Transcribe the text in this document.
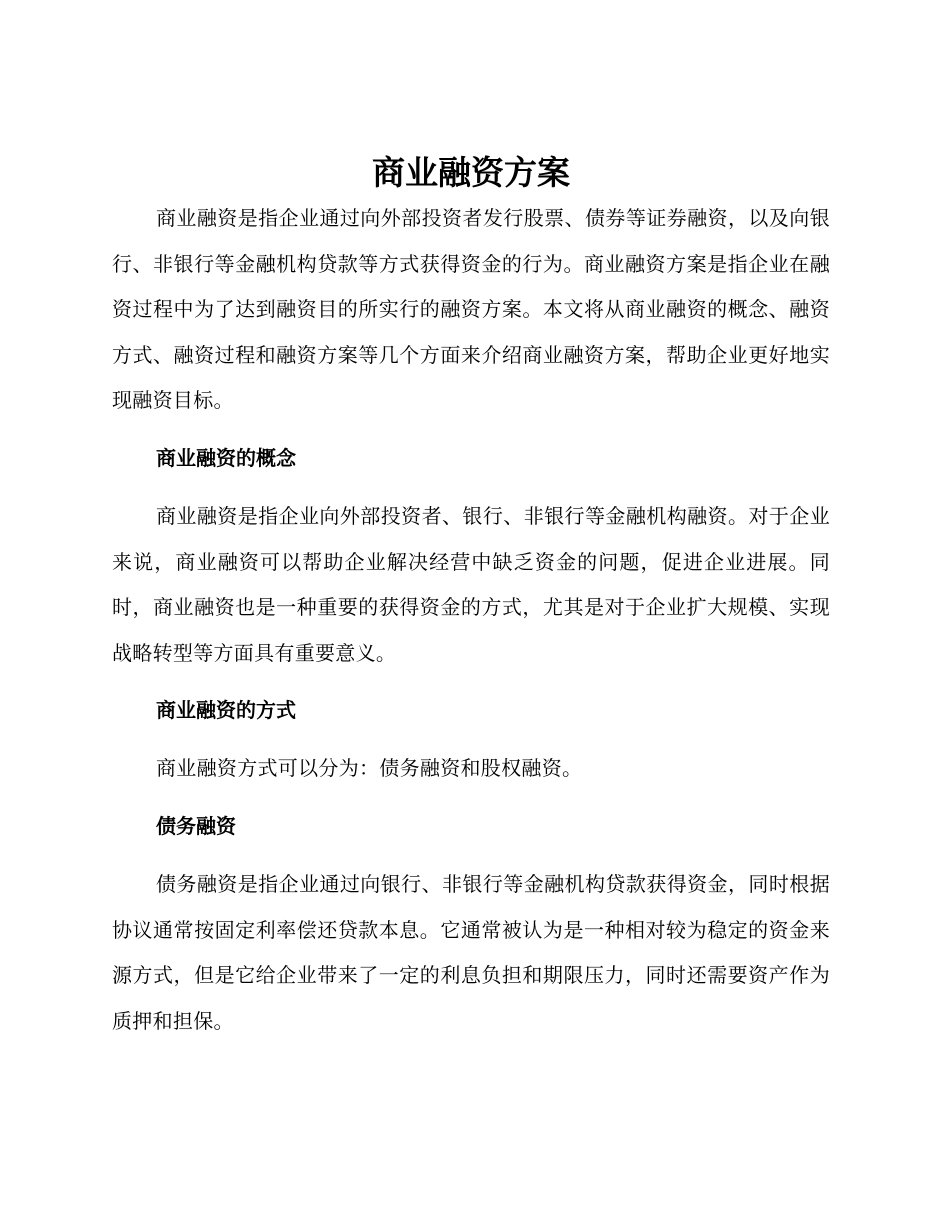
商业融资方案

商业融资是指企业通过向外部投资者发行股票、债券等证券融资，以及向银行、非银行等金融机构贷款等方式获得资金的行为。商业融资方案是指企业在融资过程中为了达到融资目的所实行的融资方案。本文将从商业融资的概念、融资方式、融资过程和融资方案等几个方面来介绍商业融资方案，帮助企业更好地实现融资目标。

商业融资的概念

商业融资是指企业向外部投资者、银行、非银行等金融机构融资。对于企业来说，商业融资可以帮助企业解决经营中缺乏资金的问题，促进企业进展。同时，商业融资也是一种重要的获得资金的方式，尤其是对于企业扩大规模、实现战略转型等方面具有重要意义。

商业融资的方式

商业融资方式可以分为：债务融资和股权融资。

债务融资

债务融资是指企业通过向银行、非银行等金融机构贷款获得资金，同时根据协议通常按固定利率偿还贷款本息。它通常被认为是一种相对较为稳定的资金来源方式，但是它给企业带来了一定的利息负担和期限压力，同时还需要资产作为质押和担保。
